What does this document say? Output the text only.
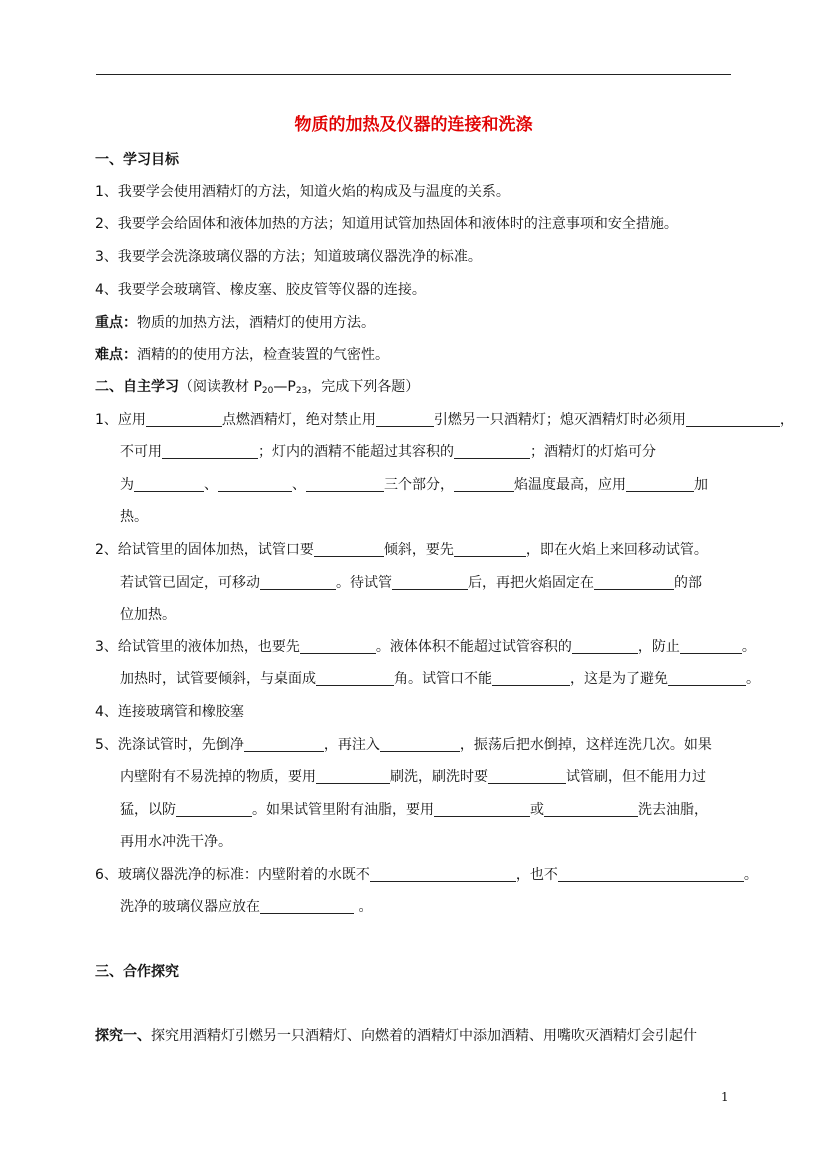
物质的加热及仪器的连接和洗涤
一、学习目标
1、我要学会使用酒精灯的方法，知道火焰的构成及与温度的关系。
2、我要学会给固体和液体加热的方法；知道用试管加热固体和液体时的注意事项和安全措施。
3、我要学会洗涤玻璃仪器的方法；知道玻璃仪器洗净的标准。
4、我要学会玻璃管、橡皮塞、胶皮管等仪器的连接。
重点：物质的加热方法，酒精灯的使用方法。
难点：酒精的的使用方法，检查装置的气密性。
二、自主学习（阅读教材 $P_{20}—P_{23}$，完成下列各题）
1、应用	点燃酒精灯，绝对禁止用	引燃另一只酒精灯；熄灭酒精灯时必须用	，
不可用	；灯内的酒精不能超过其容积的	；酒精灯的灯焰可分
为	、	、	三个部分，	焰温度最高，应用	加
热。
2、给试管里的固体加热，试管口要	倾斜，要先	，即在火焰上来回移动试管。
若试管已固定，可移动	。待试管	后，再把火焰固定在	的部
位加热。
3、给试管里的液体加热，也要先	。液体体积不能超过试管容积的	，防止	。
加热时，试管要倾斜，与桌面成	角。试管口不能	，这是为了避免	。
4、连接玻璃管和橡胶塞
5、洗涤试管时，先倒净	，再注入	，振荡后把水倒掉，这样连洗几次。如果
内壁附有不易洗掉的物质，要用	刷洗，刷洗时要	试管刷，但不能用力过
猛，以防	。如果试管里附有油脂，要用	或	洗去油脂，
再用水冲洗干净。
6、玻璃仪器洗净的标准：内壁附着的水既不	，也不	。
洗净的玻璃仪器应放在	。
三、合作探究
探究一、探究用酒精灯引燃另一只酒精灯、向燃着的酒精灯中添加酒精、用嘴吹灭酒精灯会引起什
1
